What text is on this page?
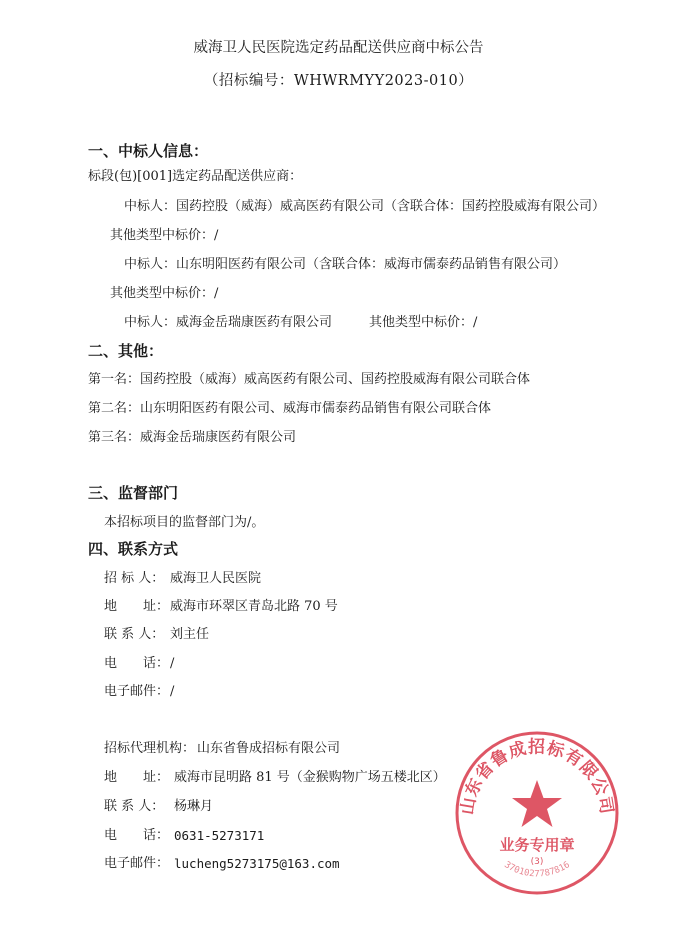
威海卫人民医院选定药品配送供应商中标公告
（招标编号：WHWRMYY2023-010）
一、中标人信息：
标段(包)[001]选定药品配送供应商：
中标人：国药控股（威海）威高医药有限公司（含联合体：国药控股威海有限公司）
其他类型中标价：/
中标人：山东明阳医药有限公司（含联合体：威海市儒泰药品销售有限公司）
其他类型中标价：/
中标人：威海金岳瑞康医药有限公司	其他类型中标价：/
二、其他：
第一名：国药控股（威海）威高医药有限公司、国药控股威海有限公司联合体
第二名：山东明阳医药有限公司、威海市儒泰药品销售有限公司联合体
第三名：威海金岳瑞康医药有限公司
三、监督部门
本招标项目的监督部门为/。
四、联系方式
招 标 人： 威海卫人民医院
地　　址： 威海市环翠区青岛北路 70 号
联 系 人： 刘主任
电　　话： /
电子邮件： /
招标代理机构： 山东省鲁成招标有限公司
地　　址： 威海市昆明路 81 号（金猴购物广场五楼北区）
联 系 人： 杨琳月
电　　话： 0631-5273171
电子邮件： lucheng5273175@163.com
山东省鲁成招标有限公司
业务专用章
(3)
3701027787816
